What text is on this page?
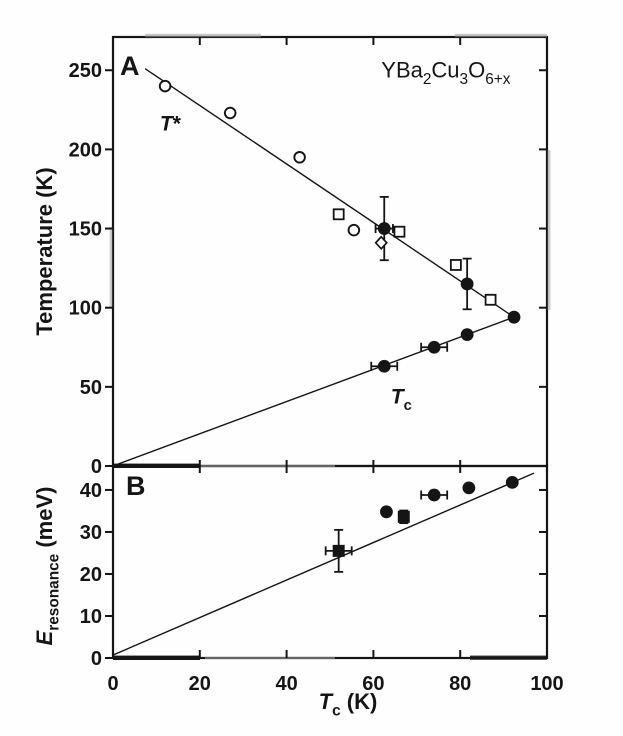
0
50
100
150
200
250
0
10
20
30
40
0	20	40	60	80	100
Temperature (K)
$E_{resonance}$ (meV)
$T_c$ (K)
A
T*
$YBa_2Cu_3O_{6+x}$
$T_c$
B
